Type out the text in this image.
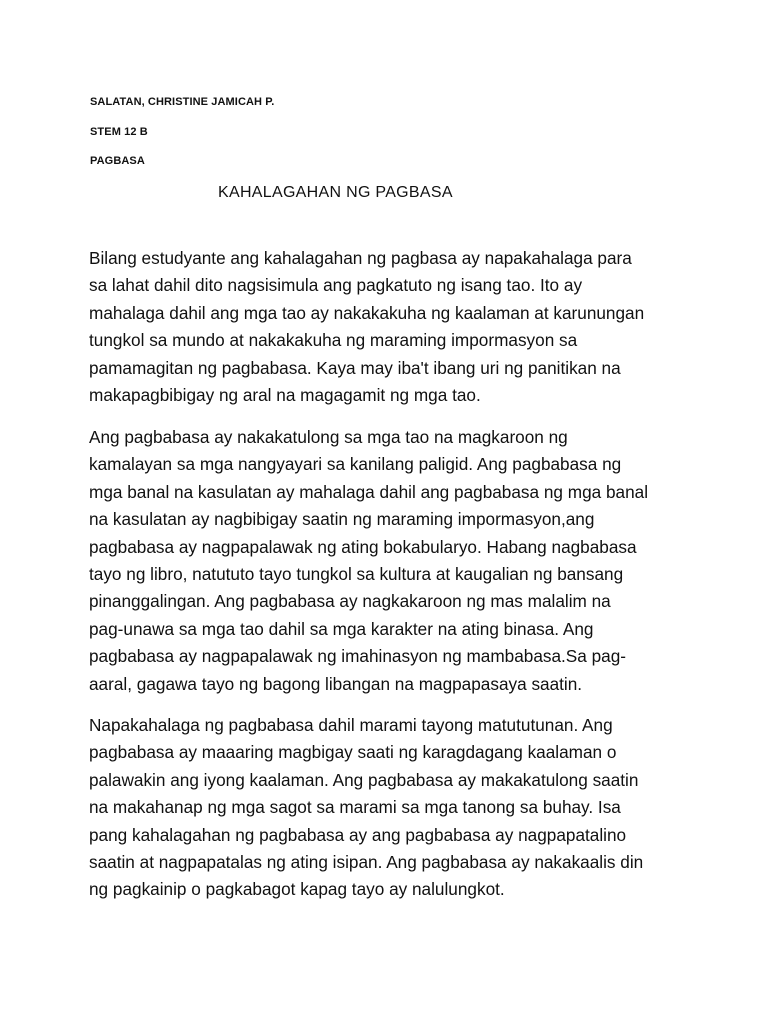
SALATAN, CHRISTINE JAMICAH P.
STEM 12 B
PAGBASA
KAHALAGAHAN NG PAGBASA

Bilang estudyante ang kahalagahan ng pagbasa ay napakahalaga para
sa lahat dahil dito nagsisimula ang pagkatuto ng isang tao. Ito ay
mahalaga dahil ang mga tao ay nakakakuha ng kaalaman at karunungan
tungkol sa mundo at nakakakuha ng maraming impormasyon sa
pamamagitan ng pagbabasa. Kaya may iba't ibang uri ng panitikan na
makapagbibigay ng aral na magagamit ng mga tao.

Ang pagbabasa ay nakakatulong sa mga tao na magkaroon ng
kamalayan sa mga nangyayari sa kanilang paligid. Ang pagbabasa ng
mga banal na kasulatan ay mahalaga dahil ang pagbabasa ng mga banal
na kasulatan ay nagbibigay saatin ng maraming impormasyon,ang
pagbabasa ay nagpapalawak ng ating bokabularyo. Habang nagbabasa
tayo ng libro, natututo tayo tungkol sa kultura at kaugalian ng bansang
pinanggalingan. Ang pagbabasa ay nagkakaroon ng mas malalim na
pag-unawa sa mga tao dahil sa mga karakter na ating binasa. Ang
pagbabasa ay nagpapalawak ng imahinasyon ng mambabasa.Sa pag-
aaral, gagawa tayo ng bagong libangan na magpapasaya saatin.

Napakahalaga ng pagbabasa dahil marami tayong matututunan. Ang
pagbabasa ay maaaring magbigay saati ng karagdagang kaalaman o
palawakin ang iyong kaalaman. Ang pagbabasa ay makakatulong saatin
na makahanap ng mga sagot sa marami sa mga tanong sa buhay. Isa
pang kahalagahan ng pagbabasa ay ang pagbabasa ay nagpapatalino
saatin at nagpapatalas ng ating isipan. Ang pagbabasa ay nakakaalis din
ng pagkainip o pagkabagot kapag tayo ay nalulungkot.
